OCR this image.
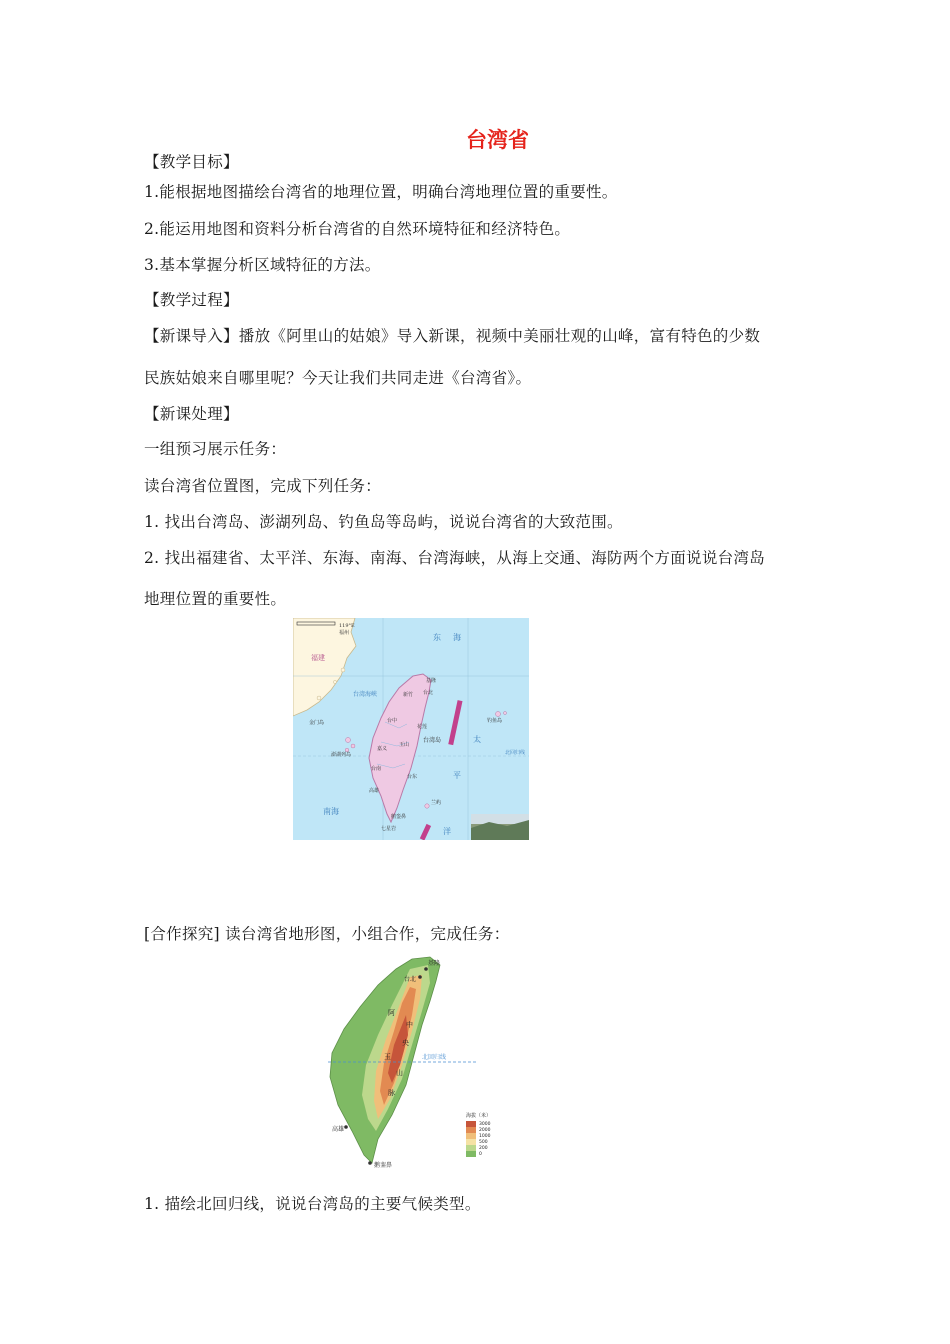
台湾省
【教学目标】
1.能根据地图描绘台湾省的地理位置，明确台湾地理位置的重要性。
2.能运用地图和资料分析台湾省的自然环境特征和经济特色。
3.基本掌握分析区域特征的方法。
【教学过程】
【新课导入】播放《阿里山的姑娘》导入新课，视频中美丽壮观的山峰，富有特色的少数
民族姑娘来自哪里呢？今天让我们共同走进《台湾省》。
【新课处理】
一组预习展示任务：
读台湾省位置图，完成下列任务：
1. 找出台湾岛、澎湖列岛、钓鱼岛等岛屿，说说台湾省的大致范围。
2. 找出福建省、太平洋、东海、南海、台湾海峡，从海上交通、海防两个方面说说台湾岛
地理位置的重要性。
119°E
福州
福建
金门岛
台湾海峡
东 海
澎湖列岛
台北
基隆
新竹
台中
嘉义
台南
高雄
花莲
台东
玉山
台湾岛
钓鱼岛
太
平
北回归线
南海
鹅銮鼻
兰屿
七星岩	洋
[合作探究] 读台湾省地形图，小组合作，完成任务：
基隆
台北
阿
中
央
玉
山
脉
北回归线
高雄
鹅銮鼻
海拔（米）
3000
2000
1000
500
200
0
1. 描绘北回归线，说说台湾岛的主要气候类型。
